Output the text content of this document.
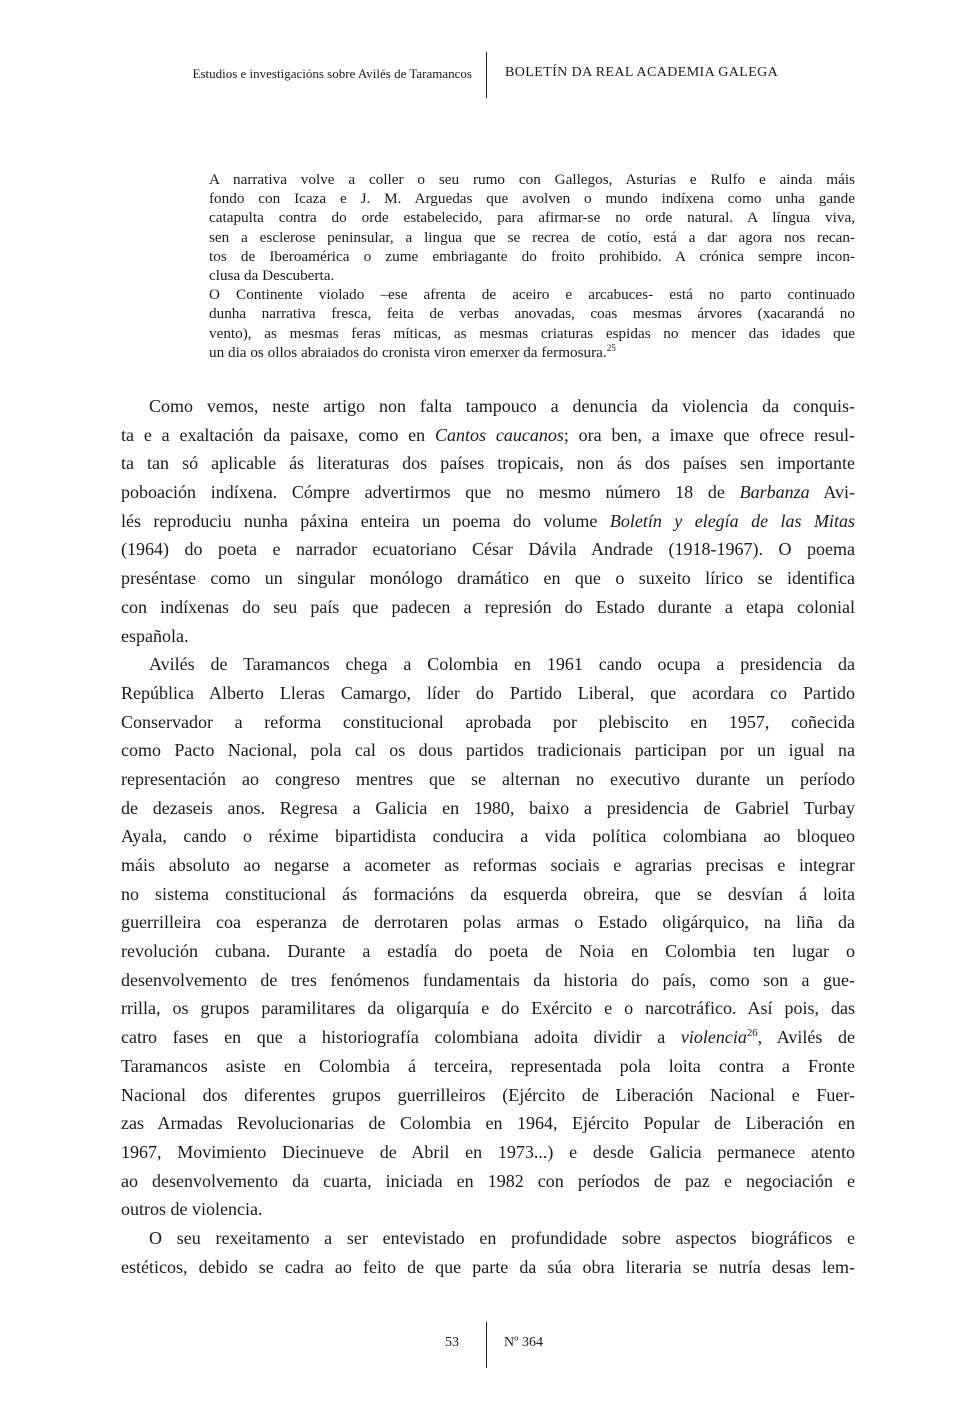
Estudios e investigacións sobre Avilés de Taramancos BOLETÍN DA REAL ACADEMIA GALEGA
A narrativa volve a coller o seu rumo con Gallegos, Asturias e Rulfo e ainda máis
fondo con Icaza e J. M. Arguedas que avolven o mundo indíxena como unha gande
catapulta contra do orde estabelecido, para afirmar-se no orde natural. A língua viva,
sen a esclerose peninsular, a lingua que se recrea de cotío, está a dar agora nos recan-
tos de Iberoamérica o zume embriagante do froito prohibido. A crónica sempre incon-
clusa da Descuberta.
O Continente violado –ese afrenta de aceiro e arcabuces- está no parto continuado
dunha narrativa fresca, feita de verbas anovadas, coas mesmas árvores (xacarandá no
vento), as mesmas feras míticas, as mesmas criaturas espidas no mencer das idades que
un dia os ollos abraiados do cronista viron emerxer da fermosura.$^{25}$
Como vemos, neste artigo non falta tampouco a denuncia da violencia da conquis-
ta e a exaltación da paisaxe, como en Cantos caucanos; ora ben, a imaxe que ofrece resul-
ta tan só aplicable ás literaturas dos países tropicais, non ás dos países sen importante
poboación indíxena. Cómpre advertirmos que no mesmo número 18 de Barbanza Avi-
lés reproduciu nunha páxina enteira un poema do volume Boletín y elegía de las Mitas
(1964) do poeta e narrador ecuatoriano César Dávila Andrade (1918-1967). O poema
preséntase como un singular monólogo dramático en que o suxeito lírico se identifica
con indíxenas do seu país que padecen a represión do Estado durante a etapa colonial
española.
Avilés de Taramancos chega a Colombia en 1961 cando ocupa a presidencia da
República Alberto Lleras Camargo, líder do Partido Liberal, que acordara co Partido
Conservador a reforma constitucional aprobada por plebiscito en 1957, coñecida
como Pacto Nacional, pola cal os dous partidos tradicionais participan por un igual na
representación ao congreso mentres que se alternan no executivo durante un período
de dezaseis anos. Regresa a Galicia en 1980, baixo a presidencia de Gabriel Turbay
Ayala, cando o réxime bipartidista conducira a vida política colombiana ao bloqueo
máis absoluto ao negarse a acometer as reformas sociais e agrarias precisas e integrar
no sistema constitucional ás formacións da esquerda obreira, que se desvían á loita
guerrilleira coa esperanza de derrotaren polas armas o Estado oligárquico, na liña da
revolución cubana. Durante a estadía do poeta de Noia en Colombia ten lugar o
desenvolvemento de tres fenómenos fundamentais da historia do país, como son a gue-
rrilla, os grupos paramilitares da oligarquía e do Exército e o narcotráfico. Así pois, das
catro fases en que a historiografía colombiana adoita dividir a violencia$^{26}$, Avilés de
Taramancos asiste en Colombia á terceira, representada pola loita contra a Fronte
Nacional dos diferentes grupos guerrilleiros (Ejército de Liberación Nacional e Fuer-
zas Armadas Revolucionarias de Colombia en 1964, Ejército Popular de Liberación en
1967, Movimiento Diecinueve de Abril en 1973...) e desde Galicia permanece atento
ao desenvolvemento da cuarta, iniciada en 1982 con períodos de paz e negociación e
outros de violencia.
O seu rexeitamento a ser entevistado en profundidade sobre aspectos biográficos e
estéticos, debido se cadra ao feito de que parte da súa obra literaria se nutría desas lem-
53	Nº 364
